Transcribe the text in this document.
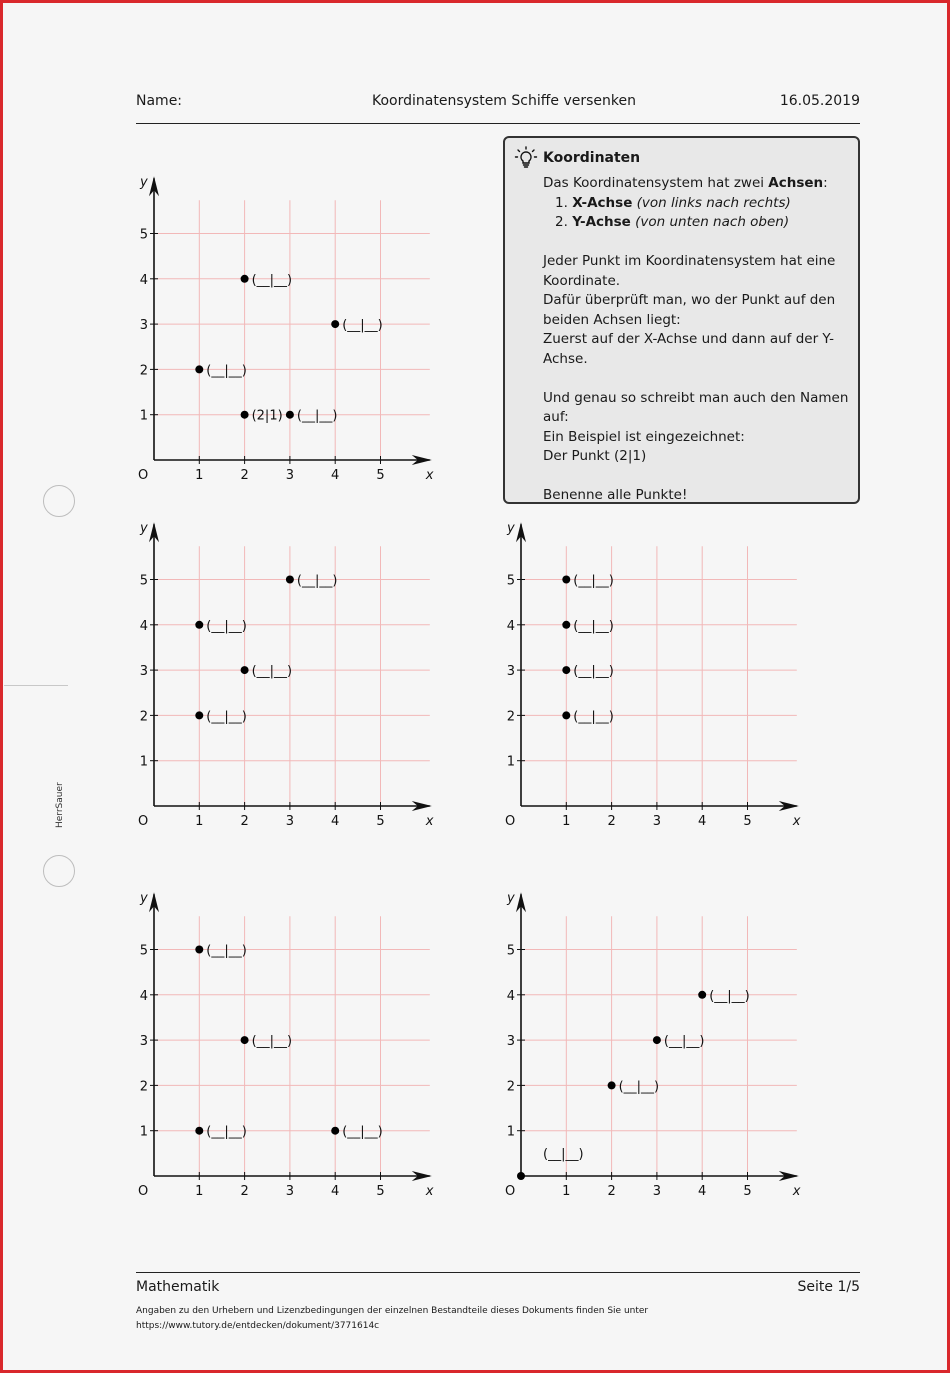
Name:	Koordinatensystem Schiffe versenken	16.05.2019
Koordinaten

Das Koordinatensystem hat zwei Achsen:

1. X-Achse (von links nach rechts)

2. Y-Achse (von unten nach oben)

Jeder Punkt im Koordinatensystem hat eine Koordinate.

Dafür überprüft man, wo der Punkt auf den beiden Achsen liegt:

Zuerst auf der X-Achse und dann auf der Y-Achse.

Und genau so schreibt man auch den Namen auf:

Ein Beispiel ist eingezeichnet:

Der Punkt (2|1)

Benenne alle Punkte!

1	2	3	4	5
1
2
3
4
5
O	x
y
(__|__)
(__|__)
(__|__)
(2|1) (__|__)
1	2	3	4	5
1
2
3
4
5
O	x
y
(__|__)
(__|__)
(__|__)
(__|__)
1	2	3	4	5
1
2
3
4
5
O	x
y
(__|__)
(__|__)
(__|__)
(__|__)
1	2	3	4	5
1
2
3
4
5
O	x
y
(__|__)
(__|__)
(__|__)	(__|__)
1	2	3	4	5
1
2
3
4
5
O	x
y
(__|__)
(__|__)
(__|__)
(__|__)
HerrSauer
Mathematik	Seite 1/5
Angaben zu den Urhebern und Lizenzbedingungen der einzelnen Bestandteile dieses Dokuments finden Sie unter
https://www.tutory.de/entdecken/dokument/3771614c
